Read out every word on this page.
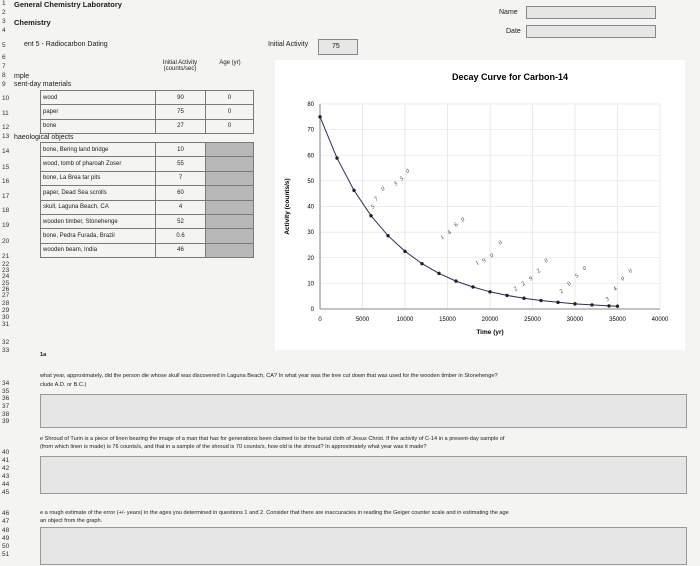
1
2
3
4
5
6
7
8
9
10
11
12
13
14
15
16
17
18
19
20
21
22
23
24
25
26
27
28
29
30
31
32
33
34
35
36
37
38
39
40
41
42
43
44
45
46
47
48
49
50
51
General Chemistry Laboratory
Chemistry
ent 5 - Radiocarbon Dating	Initial Activity	75
Name
Date
mple
sent-day materials
Initial Activity (counts/sec)
Age (yr)
wood	90	0
paper	75	0
bone	27	0
haeological objects
bone, Bering land bridge	10	
wood, tomb of pharoah Zoser	55	
bone, La Brea tar pits	7	
paper, Dead Sea scrolls	60	
skull, Laguna Beach, CA	4	
wooden timber, Stonehenge	52	
bone, Pedra Furada, Brazil	0.6	
wooden beam, India	46	
Decay Curve for Carbon-14
0
10
20
30
40
50
60
70
80
0	5000	10000	15000	20000	25000	30000	35000	40000
Time (yr)
Activity (counts/s)	5
7
0
3
5
0
1
4
6
0
1 9
0
0
2
2
9
2
0
2
0
5
0
3
4
0
0
1a
what year, approximately, did the person die whose skull was discovered in Laguna Beach, CA? In what year was the tree cut down that was used for the wooden timber in Stonehenge?
clude A.D. or B.C.)
e Shroud of Turin is a piece of linen bearing the image of a man that has for generations been claimed to be the burial cloth of Jesus Christ. If the activity of C-14 in a present-day sample of
(from which linen is made) is 76 counts/s, and that in a sample of the shroud is 70 counts/s, how old is the shroud? In approximately what year was it made?
e a rough estimate of the error (+/- years) in the ages you determined in questions 1 and 2. Consider that there are inaccuracies in reading the Geiger counter scale and in estimating the age
an object from the graph.
